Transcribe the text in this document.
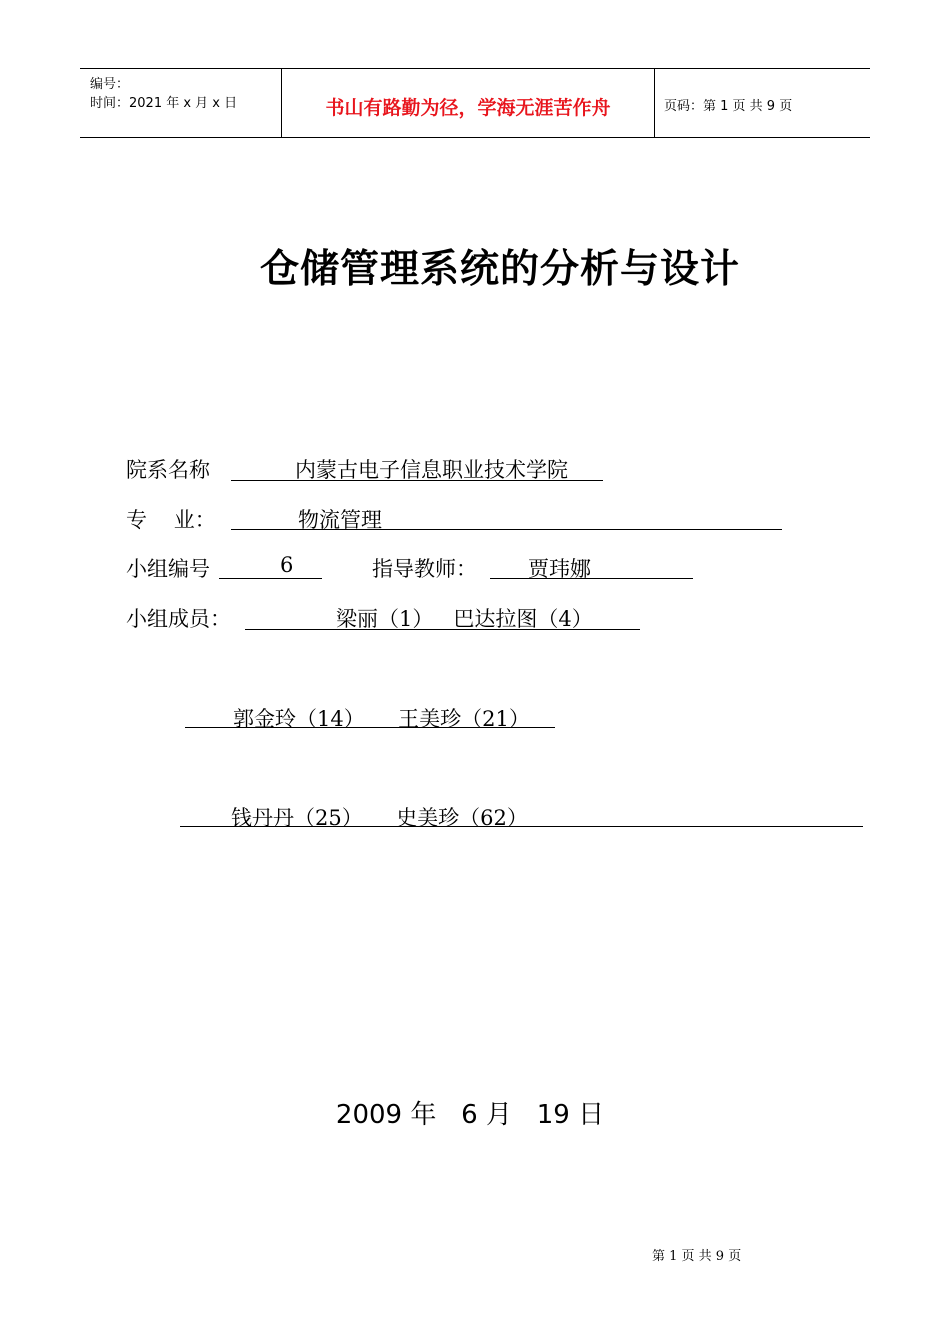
编号：
时间：2021 年 x 月 x 日	书山有路勤为径，学海无涯苦作舟	页码：第 1 页 共 9 页
仓储管理系统的分析与设计
院系名称	内蒙古电子信息职业技术学院
专    业：	物流管理
小组编号	6	指导教师： 贾玮娜
小组成员：	梁丽（1）   巴达拉图（4）
郭金玲（14）     王美珍（21）
钱丹丹（25）     史美珍（62）
2009 年   6 月   19 日
第 1 页 共 9 页
